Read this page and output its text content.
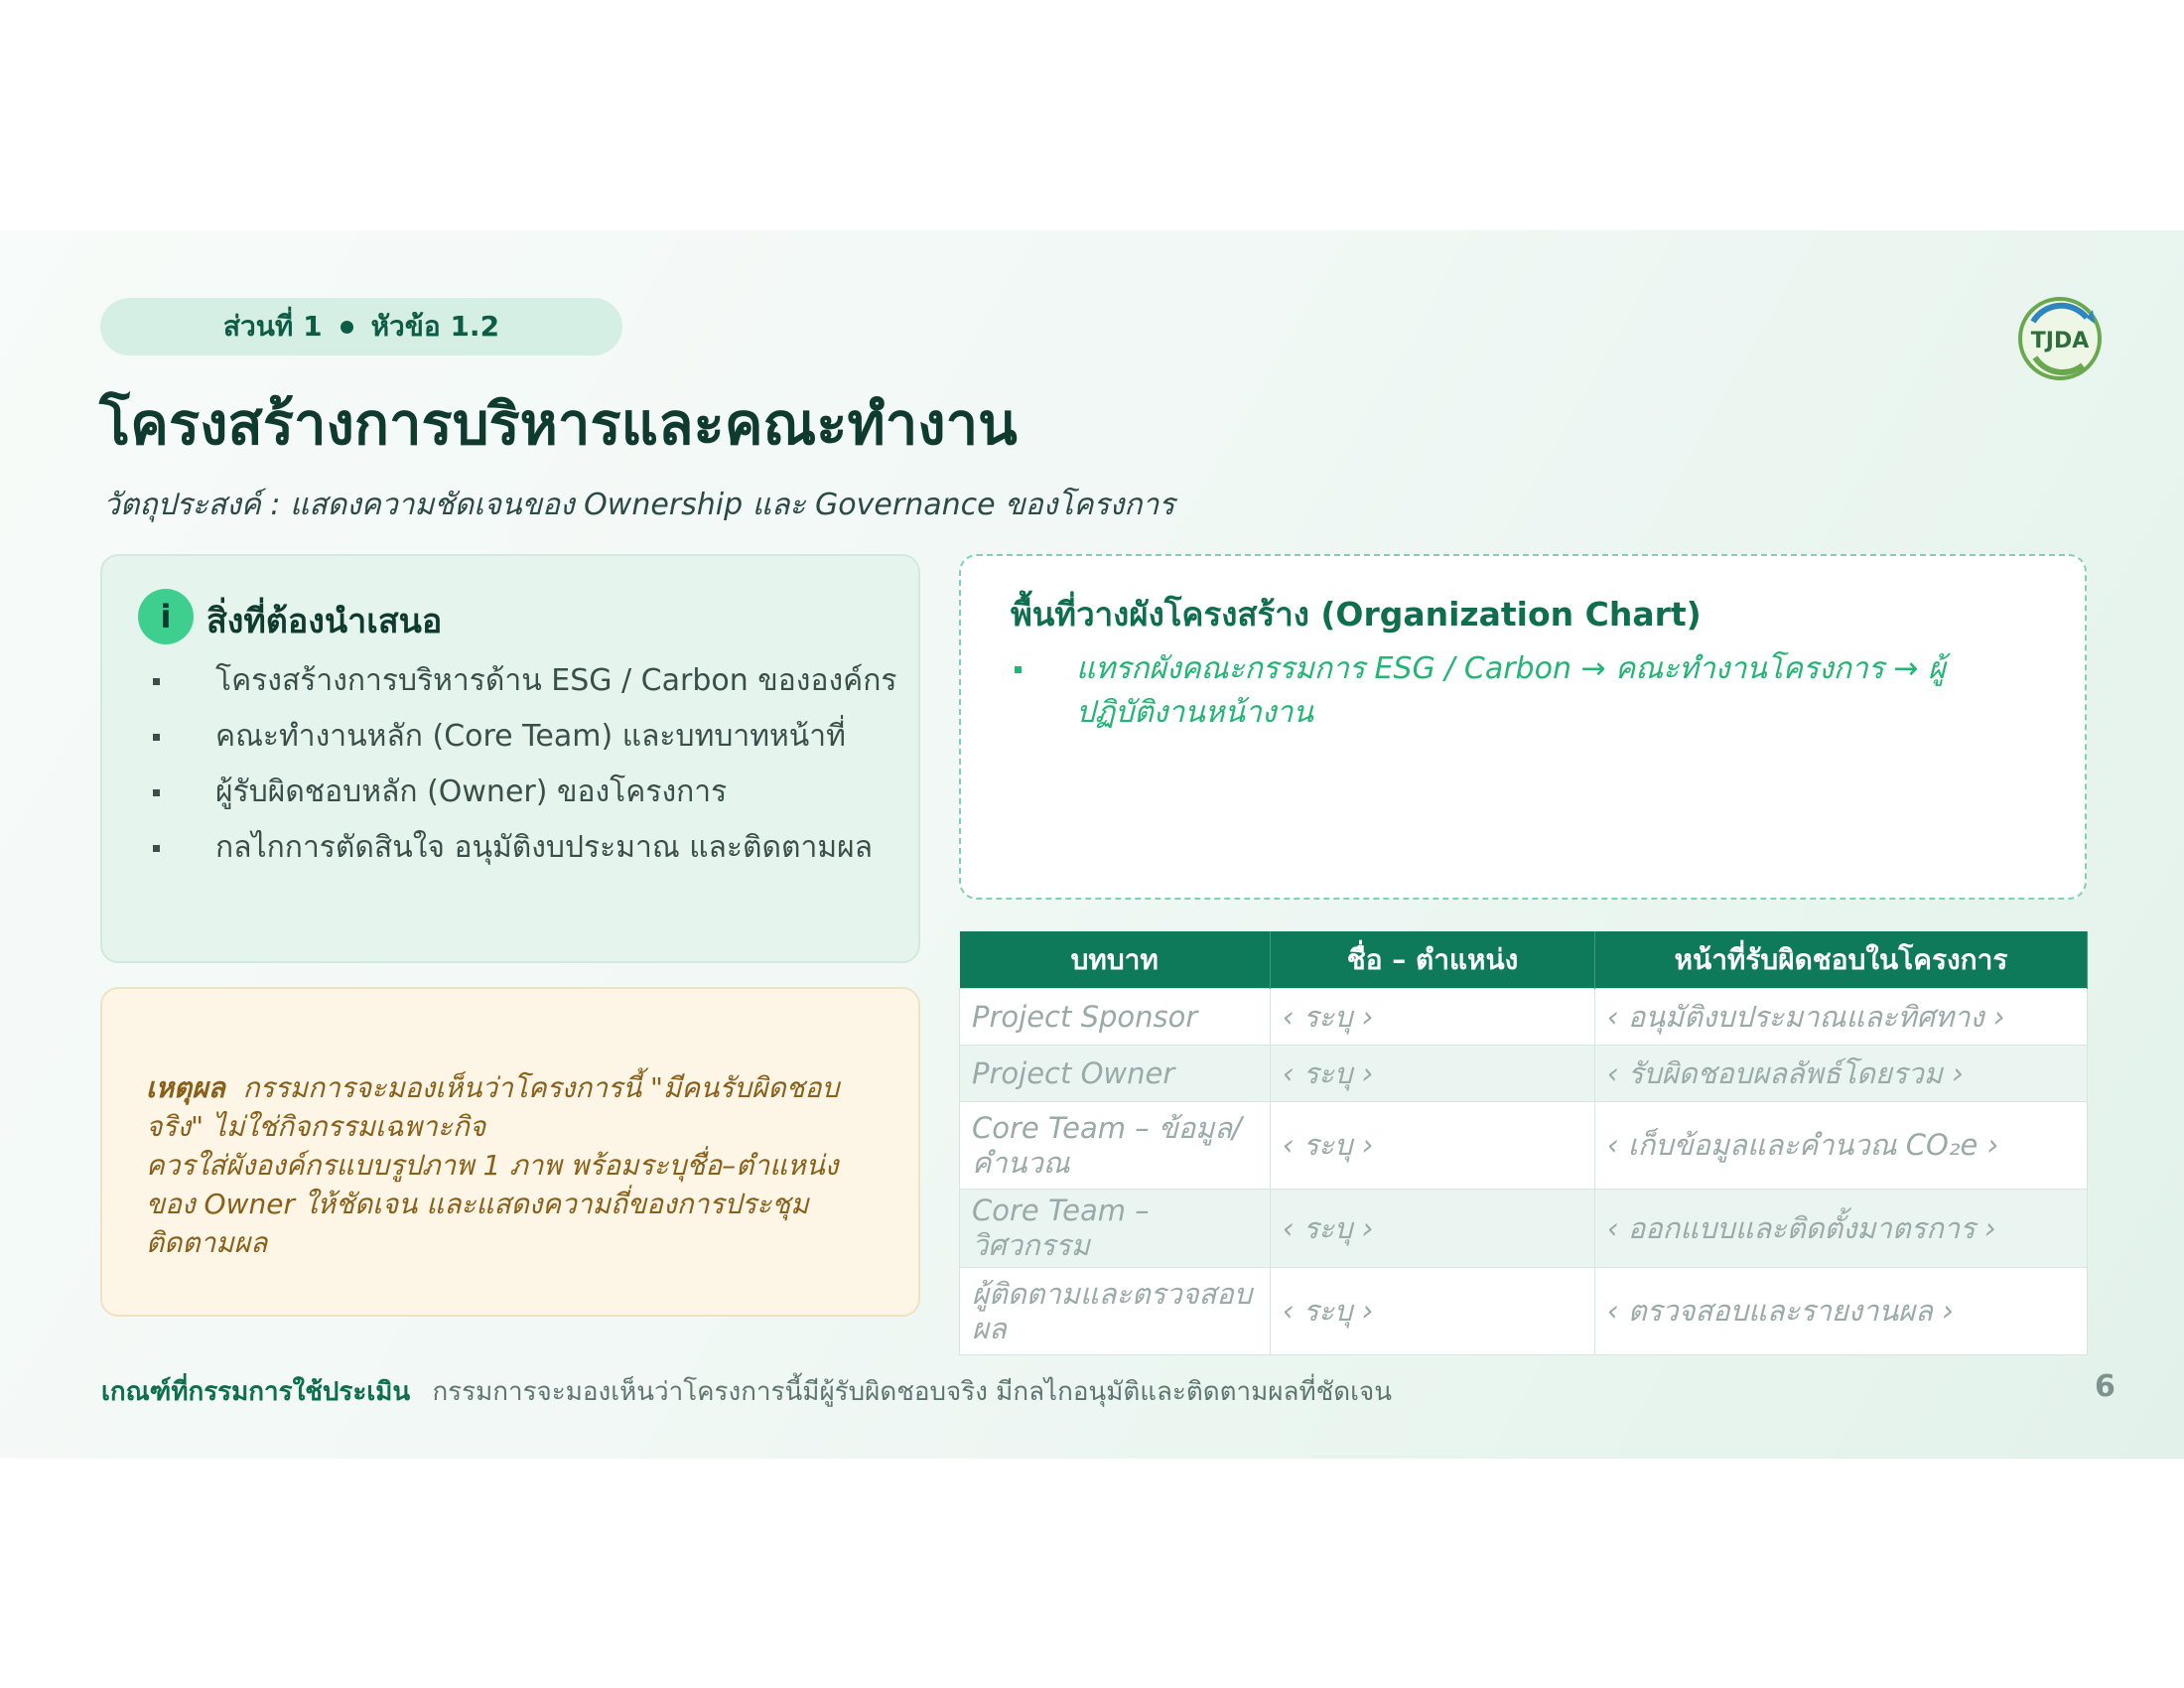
ส่วนที่ 1 หัวข้อ 1.2	TJDA
โครงสร้างการบริหารและคณะทำงาน
วัตถุประสงค์ : แสดงความชัดเจนของ Ownership และ Governance ของโครงการ
i	สิ่งที่ต้องนำเสนอ
โครงสร้างการบริหารด้าน ESG / Carbon ขององค์กร
คณะทำงานหลัก (Core Team) และบทบาทหน้าที่
ผู้รับผิดชอบหลัก (Owner) ของโครงการ
กลไกการตัดสินใจ อนุมัติงบประมาณ และติดตามผล
เหตุผล กรรมการจะมองเห็นว่าโครงการนี้ "มีคนรับผิดชอบจริง" ไม่ใช่กิจกรรมเฉพาะกิจ
ควรใส่ผังองค์กรแบบรูปภาพ 1 ภาพ พร้อมระบุชื่อ–ตำแหน่งของ Owner ให้ชัดเจน และแสดงความถี่ของการประชุมติดตามผล
พื้นที่วางผังโครงสร้าง (Organization Chart)
แทรกผังคณะกรรมการ ESG / Carbon → คณะทำงานโครงการ → ผู้ปฏิบัติงานหน้างาน
บทบาท	ชื่อ – ตำแหน่ง	หน้าที่รับผิดชอบในโครงการ
Project Sponsor	‹ ระบุ ›	‹ อนุมัติงบประมาณและทิศทาง ›
Project Owner	‹ ระบุ ›	‹ รับผิดชอบผลลัพธ์โดยรวม ›
Core Team – ข้อมูล/คำนวณ	‹ ระบุ ›	‹ เก็บข้อมูลและคำนวณ CO₂e ›
Core Team – วิศวกรรม	‹ ระบุ ›	‹ ออกแบบและติดตั้งมาตรการ ›
ผู้ติดตามและตรวจสอบผล	‹ ระบุ ›	‹ ตรวจสอบและรายงานผล ›
เกณฑ์ที่กรรมการใช้ประเมิน กรรมการจะมองเห็นว่าโครงการนี้มีผู้รับผิดชอบจริง มีกลไกอนุมัติและติดตามผลที่ชัดเจน	6
